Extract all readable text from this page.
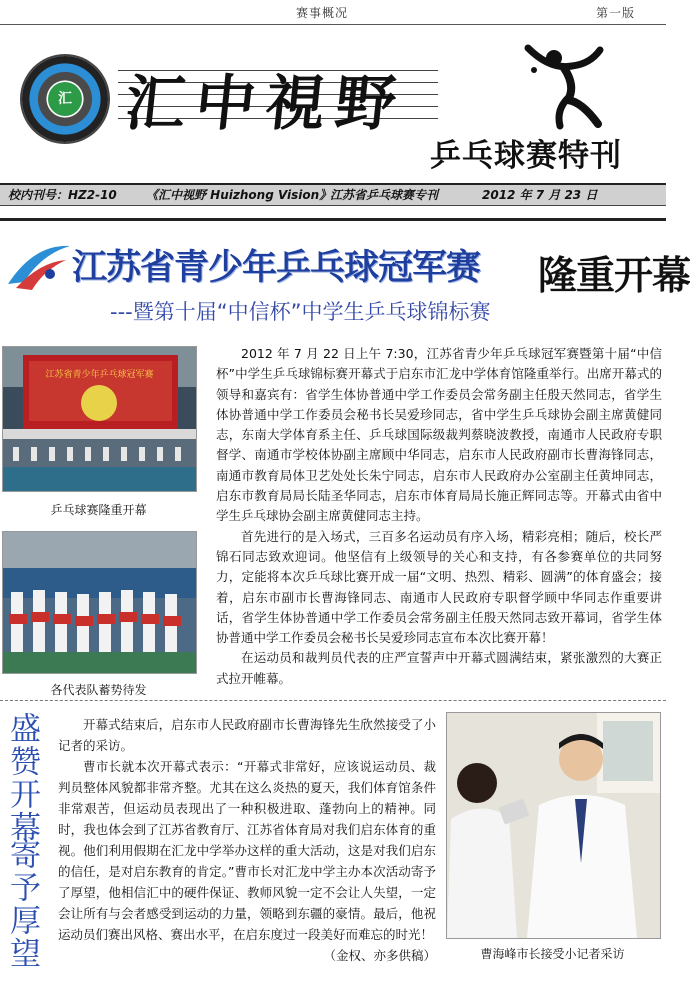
赛事概况	第一版
汇 汇中視野
乒乓球赛特刊
校内刊号：HZ2-10 《汇中视野 Huizhong Vision》
江苏省乒乓球赛专刊	2012 年 7 月 23 日
江苏省青少年乒乓球冠军赛 隆重开幕
---暨第十届“中信杯”中学生乒乓球锦标赛
江苏省青少年乒乓球冠军赛
乒乓球赛隆重开幕
各代表队蓄势待发

2012 年 7 月 22 日上午 7:30，江苏省青少年乒乓球冠军赛暨第十届“中信杯”中学生乒乓球锦标赛开幕式于启东市汇龙中学体育馆隆重举行。出席开幕式的领导和嘉宾有：省学生体协普通中学工作委员会常务副主任殷天然同志，省学生体协普通中学工作委员会秘书长吴爱珍同志，省中学生乒乓球协会副主席黄健同志，东南大学体育系主任、乒乓球国际级裁判蔡晓波教授，南通市人民政府专职督学、南通市学校体协副主席顾中华同志，启东市人民政府副市长曹海锋同志，南通市教育局体卫艺处处长朱宁同志，启东市人民政府办公室副主任黄坤同志，启东市教育局局长陆圣华同志，启东市体育局局长施正辉同志等。开幕式由省中学生乒乓球协会副主席黄健同志主持。

首先进行的是入场式，三百多名运动员有序入场，精彩亮相；随后，校长严锦石同志致欢迎词。他坚信有上级领导的关心和支持，有各参赛单位的共同努力，定能将本次乒乓球比赛开成一届“文明、热烈、精彩、圆满”的体育盛会；接着，启东市副市长曹海锋同志、南通市人民政府专职督学顾中华同志作重要讲话，省学生体协普通中学工作委员会常务副主任殷天然同志致开幕词，省学生体协普通中学工作委员会秘书长吴爱珍同志宣布本次比赛开幕！

在运动员和裁判员代表的庄严宣誓声中开幕式圆满结束，紧张激烈的大赛正式拉开帷幕。

盛赞开幕
寄予厚望

开幕式结束后，启东市人民政府副市长曹海锋先生欣然接受了小记者的采访。

曹市长就本次开幕式表示：“开幕式非常好，应该说运动员、裁判员整体风貌都非常齐整。尤其在这么炎热的夏天，我们体育馆条件非常艰苦，但运动员表现出了一种积极进取、蓬勃向上的精神。同时，我也体会到了江苏省教育厅、江苏省体育局对我们启东体育的重视。他们利用假期在汇龙中学举办这样的重大活动，这是对我们启东的信任，是对启东教育的肯定。”曹市长对汇龙中学主办本次活动寄予了厚望，他相信汇中的硬件保证、教师风貌一定不会让人失望，一定会让所有与会者感受到运动的力量，领略到东疆的豪情。最后，他祝运动员们赛出风格、赛出水平，在启东度过一段美好而难忘的时光！

（金权、亦多供稿）	曹海峰市长接受小记者采访
